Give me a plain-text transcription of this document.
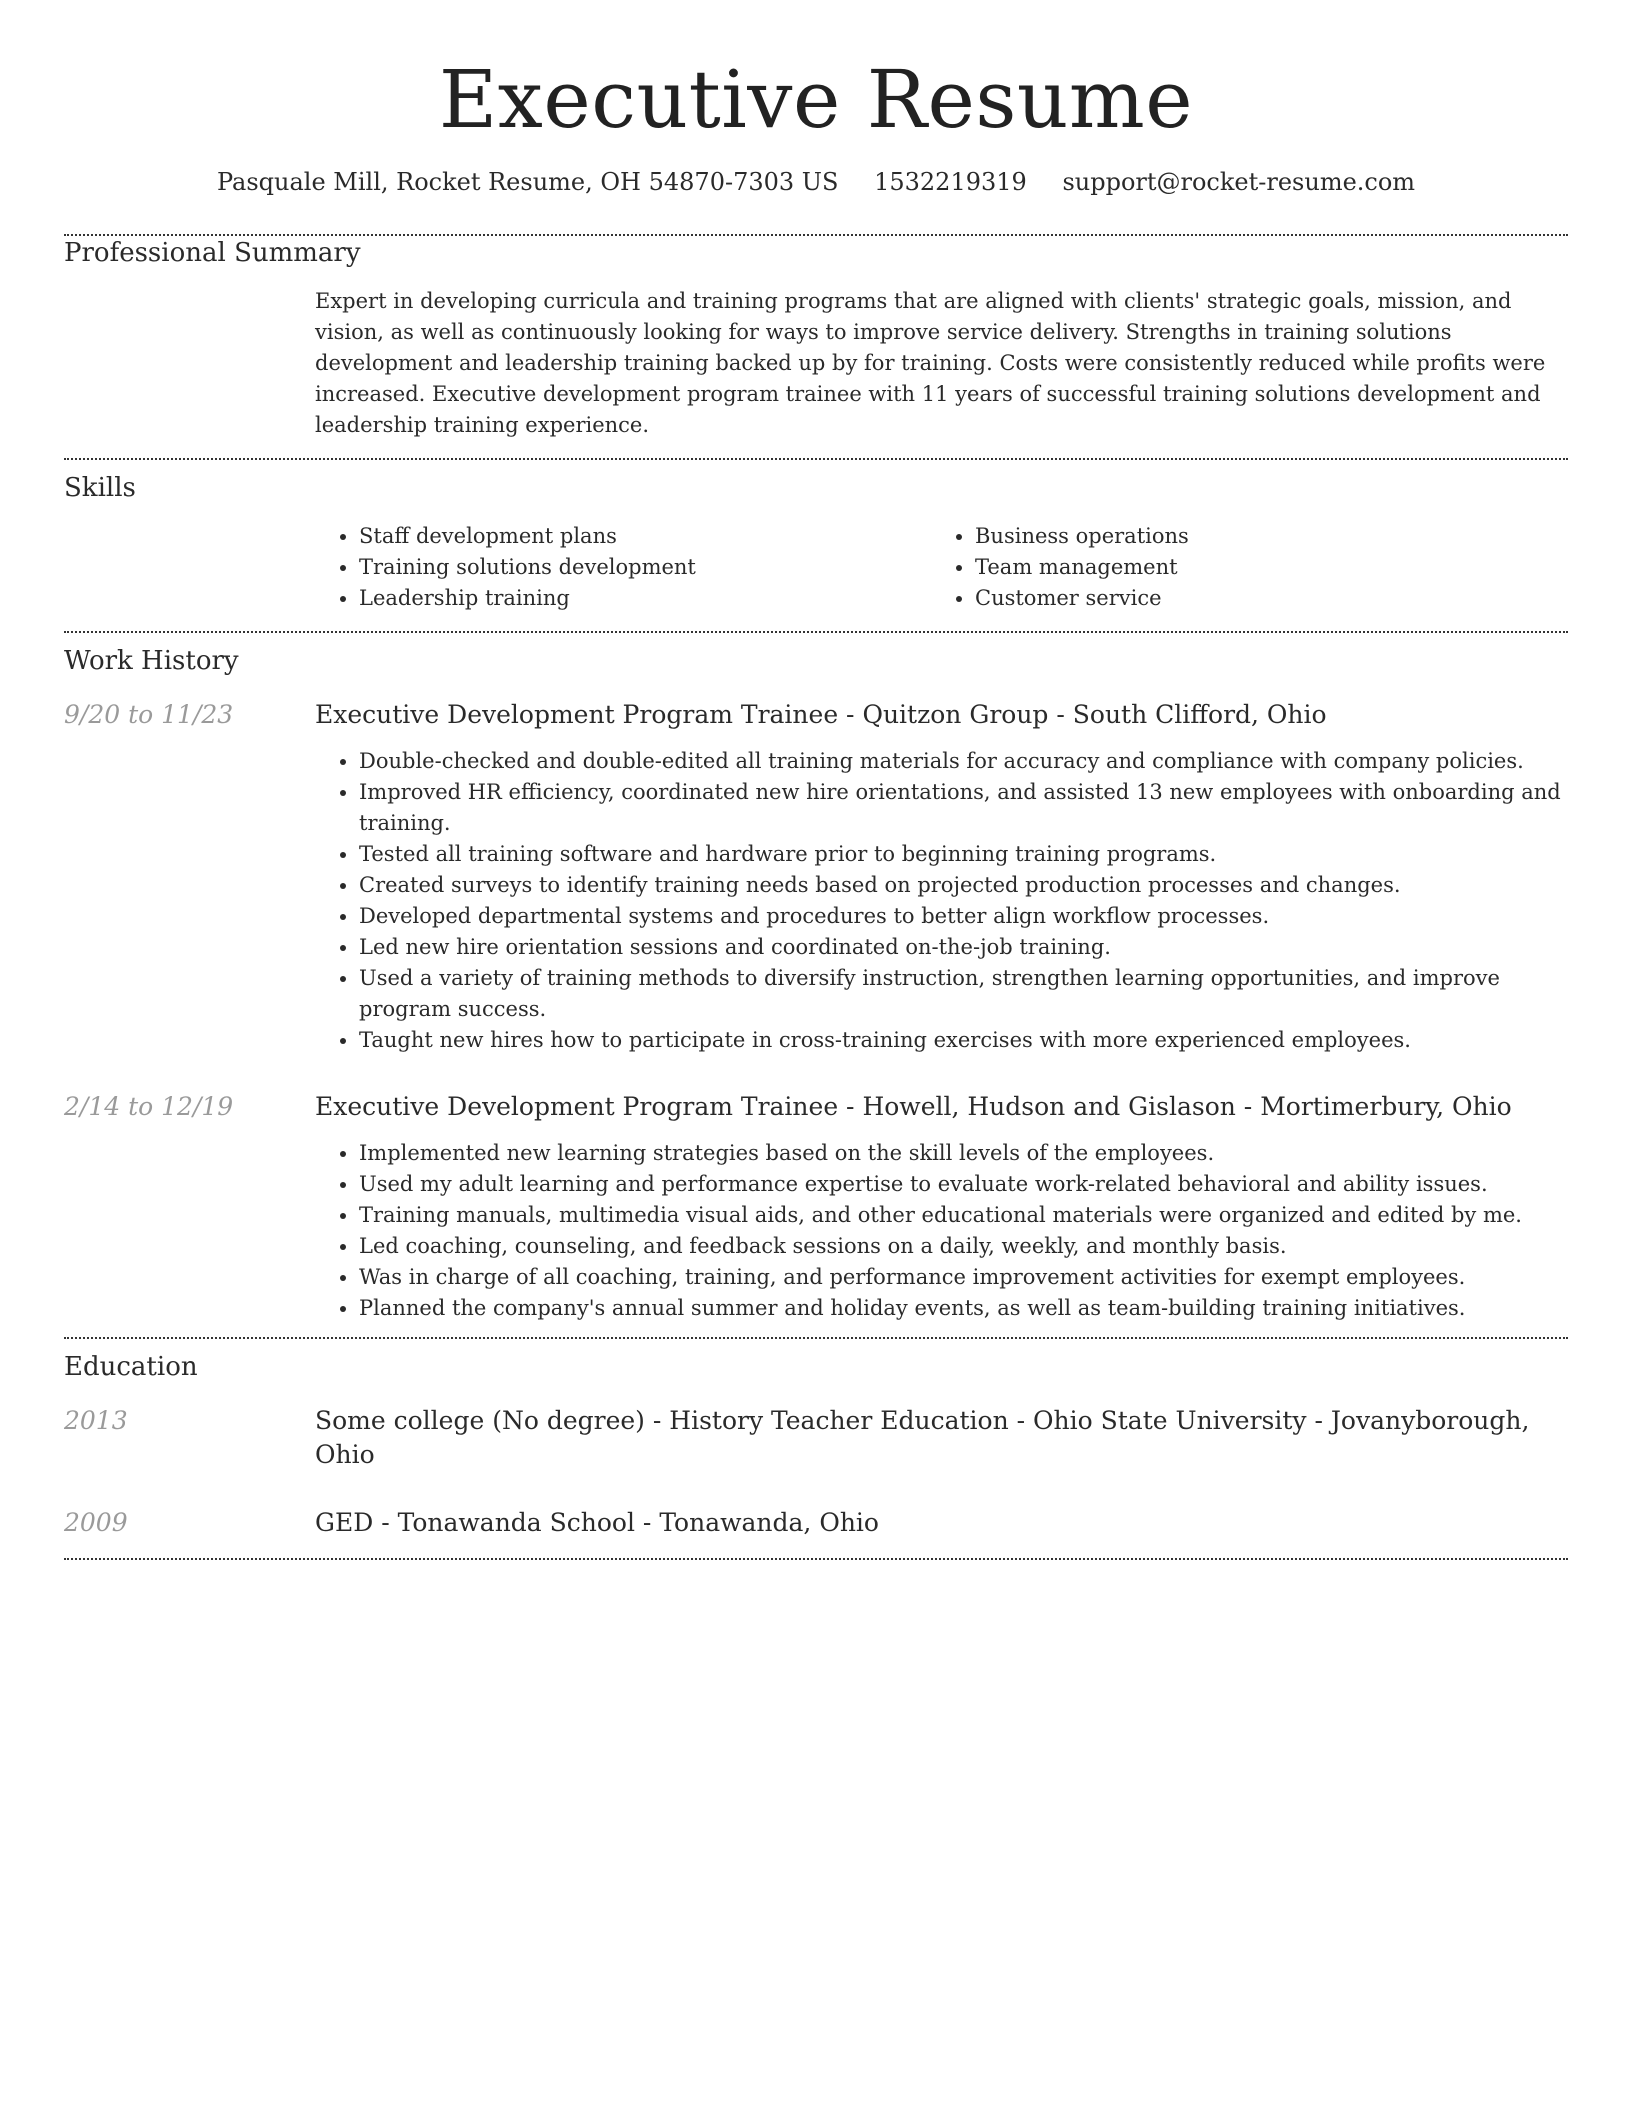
Executive Resume
Pasquale Mill, Rocket Resume, OH 54870-7303 US 1532219319 support@rocket-resume.com
Professional Summary

Expert in developing curricula and training programs that are aligned with clients' strategic goals, mission, and vision, as well as continuously looking for ways to improve service delivery. Strengths in training solutions development and leadership training backed up by for training. Costs were consistently reduced while profits were increased. Executive development program trainee with 11 years of successful training solutions development and leadership training experience.

Skills
• Staff development plans
• Training solutions development
• Leadership training
• Business operations
• Team management
• Customer service
Work History
9/20 to 11/23	Executive Development Program Trainee - Quitzon Group - South Clifford, Ohio
• Double-checked and double-edited all training materials for accuracy and compliance with company policies.
• Improved HR efficiency, coordinated new hire orientations, and assisted 13 new employees with onboarding and training.
• Tested all training software and hardware prior to beginning training programs.
• Created surveys to identify training needs based on projected production processes and changes.
• Developed departmental systems and procedures to better align workflow processes.
• Led new hire orientation sessions and coordinated on-the-job training.
• Used a variety of training methods to diversify instruction, strengthen learning opportunities, and improve program success.
• Taught new hires how to participate in cross-training exercises with more experienced employees.
2/14 to 12/19	Executive Development Program Trainee - Howell, Hudson and Gislason - Mortimerbury, Ohio
• Implemented new learning strategies based on the skill levels of the employees.
• Used my adult learning and performance expertise to evaluate work-related behavioral and ability issues.
• Training manuals, multimedia visual aids, and other educational materials were organized and edited by me.
• Led coaching, counseling, and feedback sessions on a daily, weekly, and monthly basis.
• Was in charge of all coaching, training, and performance improvement activities for exempt employees.
• Planned the company's annual summer and holiday events, as well as team-building training initiatives.
Education
2013	Some college (No degree) - History Teacher Education - Ohio State University - Jovanyborough, Ohio
2009	GED - Tonawanda School - Tonawanda, Ohio
